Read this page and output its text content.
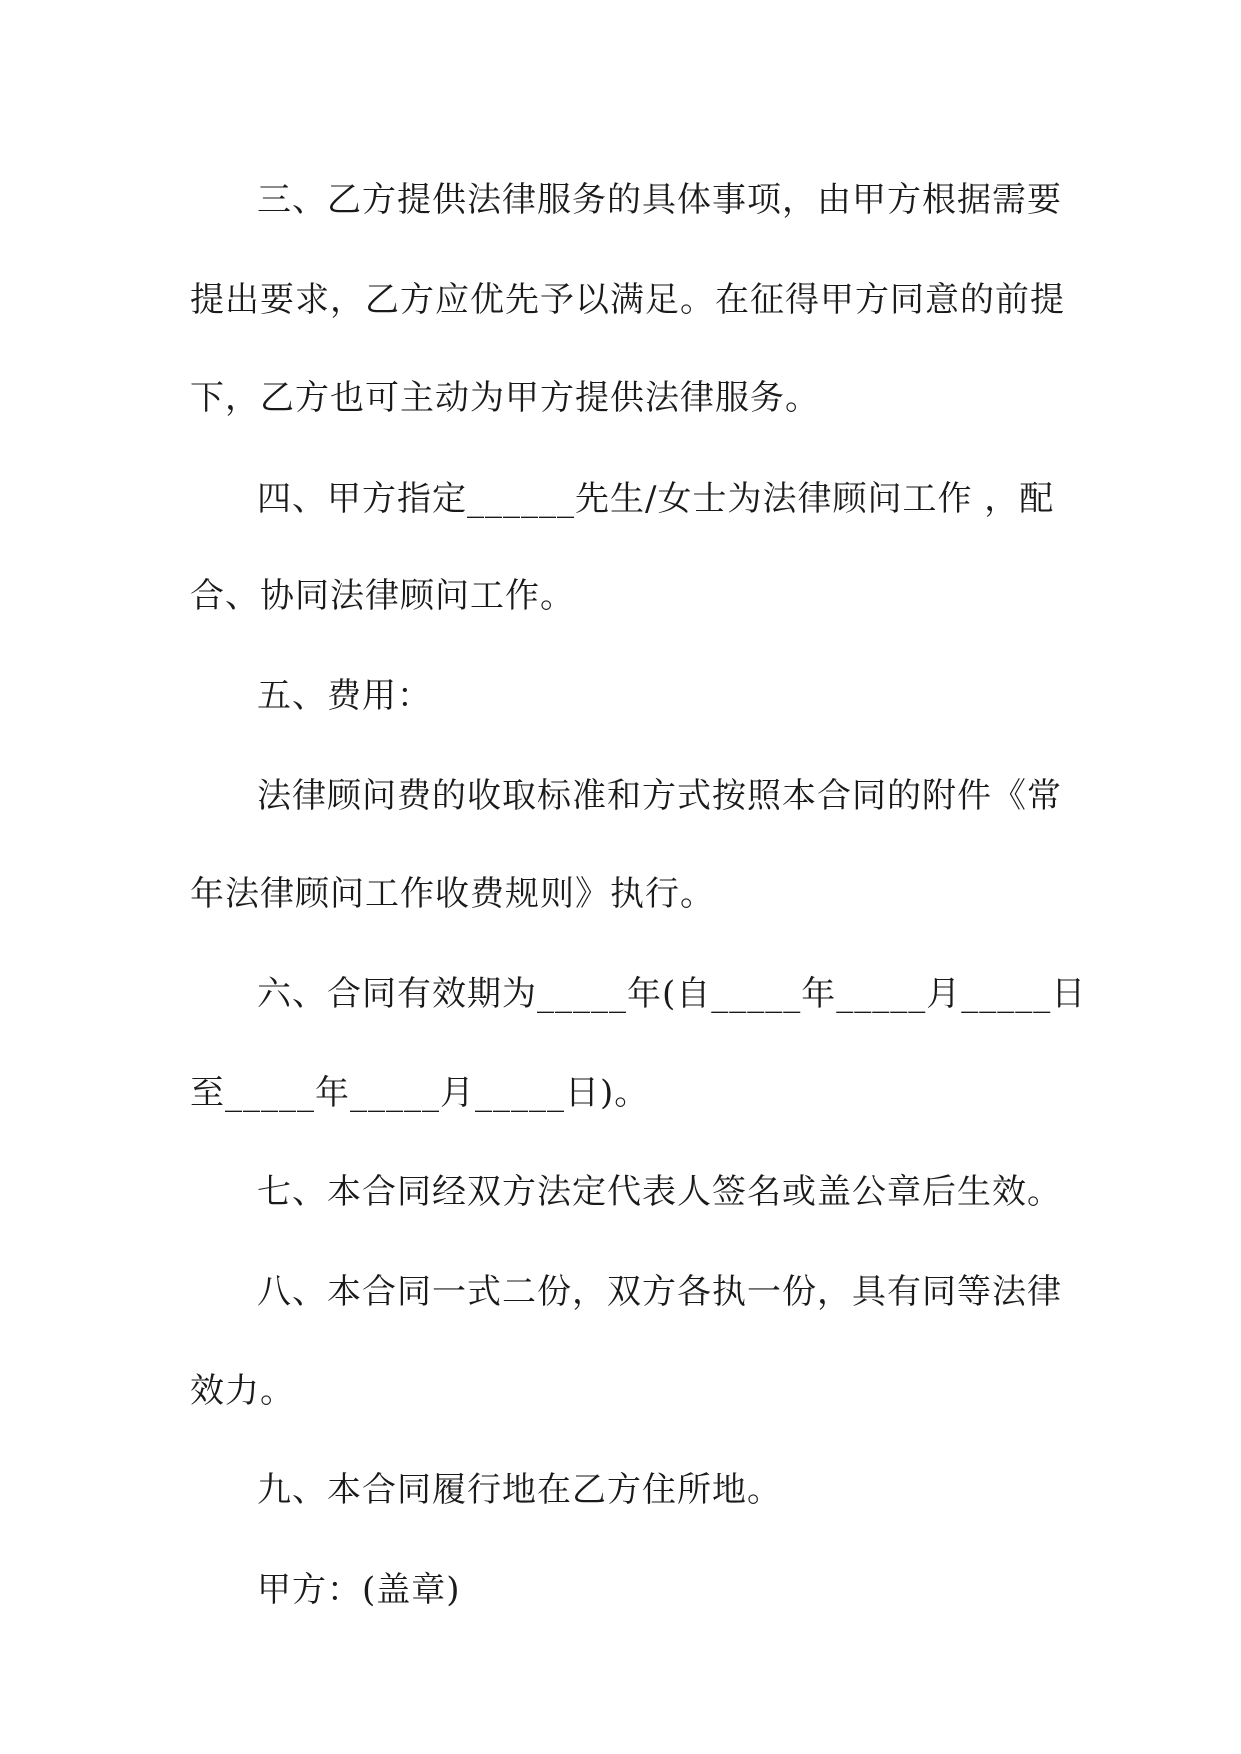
三、乙方提供法律服务的具体事项，由甲方根据需要
提出要求，乙方应优先予以满足。在征得甲方同意的前提
下，乙方也可主动为甲方提供法律服务。
四、甲方指定______先生/女士为法律顾问工作 ，配
合、协同法律顾问工作。
五、费用：
法律顾问费的收取标准和方式按照本合同的附件《常
年法律顾问工作收费规则》执行。
六、合同有效期为_____年(自_____年_____月_____日
至_____年_____月_____日)。
七、本合同经双方法定代表人签名或盖公章后生效。
八、本合同一式二份，双方各执一份，具有同等法律
效力。
九、本合同履行地在乙方住所地。
甲方：(盖章)
